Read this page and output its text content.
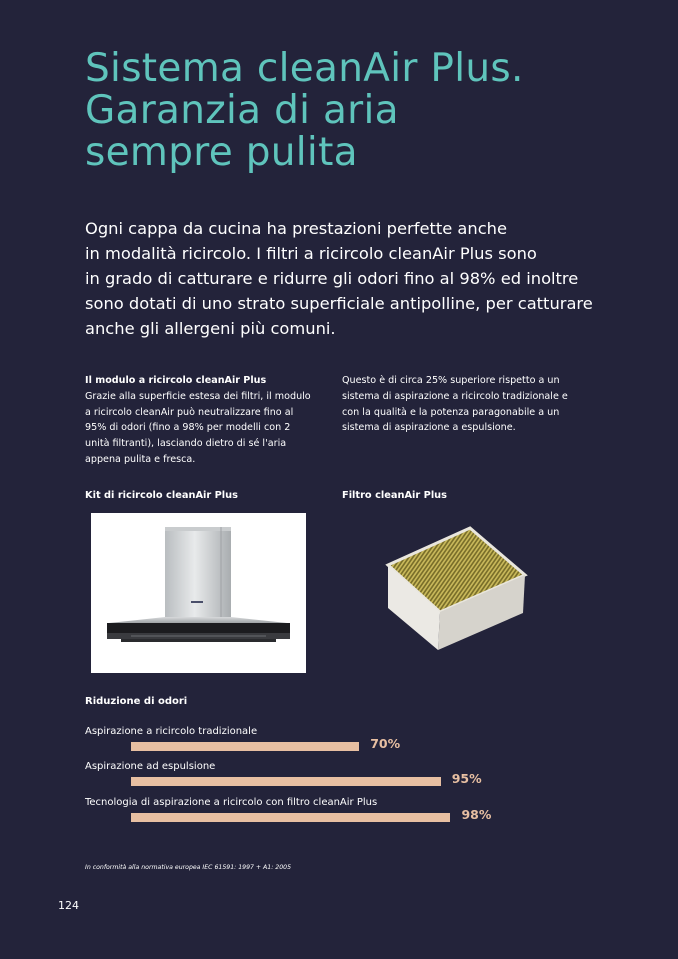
Sistema cleanAir Plus.
Garanzia di aria
sempre pulita

Ogni cappa da cucina ha prestazioni perfette anche
in modalità ricircolo. I filtri a ricircolo cleanAir Plus sono
in grado di catturare e ridurre gli odori fino al 98% ed inoltre
sono dotati di uno strato superficiale antipolline, per catturare
anche gli allergeni più comuni.

Il modulo a ricircolo cleanAir Plus
Grazie alla superficie estesa dei filtri, il modulo
a ricircolo cleanAir può neutralizzare fino al
95% di odori (fino a 98% per modelli con 2
unità filtranti), lasciando dietro di sé l'aria
appena pulita e fresca.
Questo è di circa 25% superiore rispetto a un
sistema di aspirazione a ricircolo tradizionale e
con la qualità e la potenza paragonabile a un
sistema di aspirazione a espulsione.
Kit di ricircolo cleanAir Plus	Filtro cleanAir Plus
Riduzione di odori
Aspirazione a ricircolo tradizionale
70%
Aspirazione ad espulsione
95%
Tecnologia di aspirazione a ricircolo con filtro cleanAir Plus
98%
In conformità alla normativa europea IEC 61591: 1997 + A1: 2005
124
